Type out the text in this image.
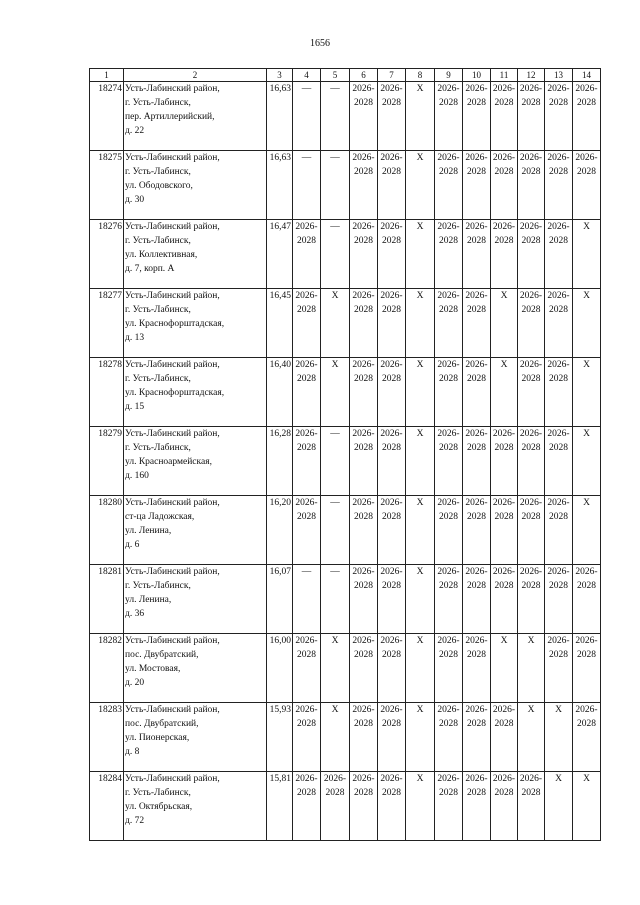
1656
1	2	3	4	5	6	7	8	9	10	11	12	13	14
18274	Усть-Лабинский район,
г. Усть-Лабинск,
пер. Артиллерийский,
д. 22	16,63	—	—	2026-
2028	2026-
2028	X	2026-
2028	2026-
2028	2026-
2028	2026-
2028	2026-
2028	2026-
2028
18275	Усть-Лабинский район,
г. Усть-Лабинск,
ул. Ободовского,
д. 30	16,63	—	—	2026-
2028	2026-
2028	X	2026-
2028	2026-
2028	2026-
2028	2026-
2028	2026-
2028	2026-
2028
18276	Усть-Лабинский район,
г. Усть-Лабинск,
ул. Коллективная,
д. 7, корп. А	16,47	2026-
2028	—	2026-
2028	2026-
2028	X	2026-
2028	2026-
2028	2026-
2028	2026-
2028	2026-
2028	X
18277	Усть-Лабинский район,
г. Усть-Лабинск,
ул. Краснофорштадская,
д. 13	16,45	2026-
2028	X	2026-
2028	2026-
2028	X	2026-
2028	2026-
2028	X	2026-
2028	2026-
2028	X
18278	Усть-Лабинский район,
г. Усть-Лабинск,
ул. Краснофорштадская,
д. 15	16,40	2026-
2028	X	2026-
2028	2026-
2028	X	2026-
2028	2026-
2028	X	2026-
2028	2026-
2028	X
18279	Усть-Лабинский район,
г. Усть-Лабинск,
ул. Красноармейская,
д. 160	16,28	2026-
2028	—	2026-
2028	2026-
2028	X	2026-
2028	2026-
2028	2026-
2028	2026-
2028	2026-
2028	X
18280	Усть-Лабинский район,
ст-ца Ладожская,
ул. Ленина,
д. 6	16,20	2026-
2028	—	2026-
2028	2026-
2028	X	2026-
2028	2026-
2028	2026-
2028	2026-
2028	2026-
2028	X
18281	Усть-Лабинский район,
г. Усть-Лабинск,
ул. Ленина,
д. 36	16,07	—	—	2026-
2028	2026-
2028	X	2026-
2028	2026-
2028	2026-
2028	2026-
2028	2026-
2028	2026-
2028
18282	Усть-Лабинский район,
пос. Двубратский,
ул. Мостовая,
д. 20	16,00	2026-
2028	X	2026-
2028	2026-
2028	X	2026-
2028	2026-
2028	X	X	2026-
2028	2026-
2028
18283	Усть-Лабинский район,
пос. Двубратский,
ул. Пионерская,
д. 8	15,93	2026-
2028	X	2026-
2028	2026-
2028	X	2026-
2028	2026-
2028	2026-
2028	X	X	2026-
2028
18284	Усть-Лабинский район,
г. Усть-Лабинск,
ул. Октябрьская,
д. 72	15,81	2026-
2028	2026-
2028	2026-
2028	2026-
2028	X	2026-
2028	2026-
2028	2026-
2028	2026-
2028	X	X
